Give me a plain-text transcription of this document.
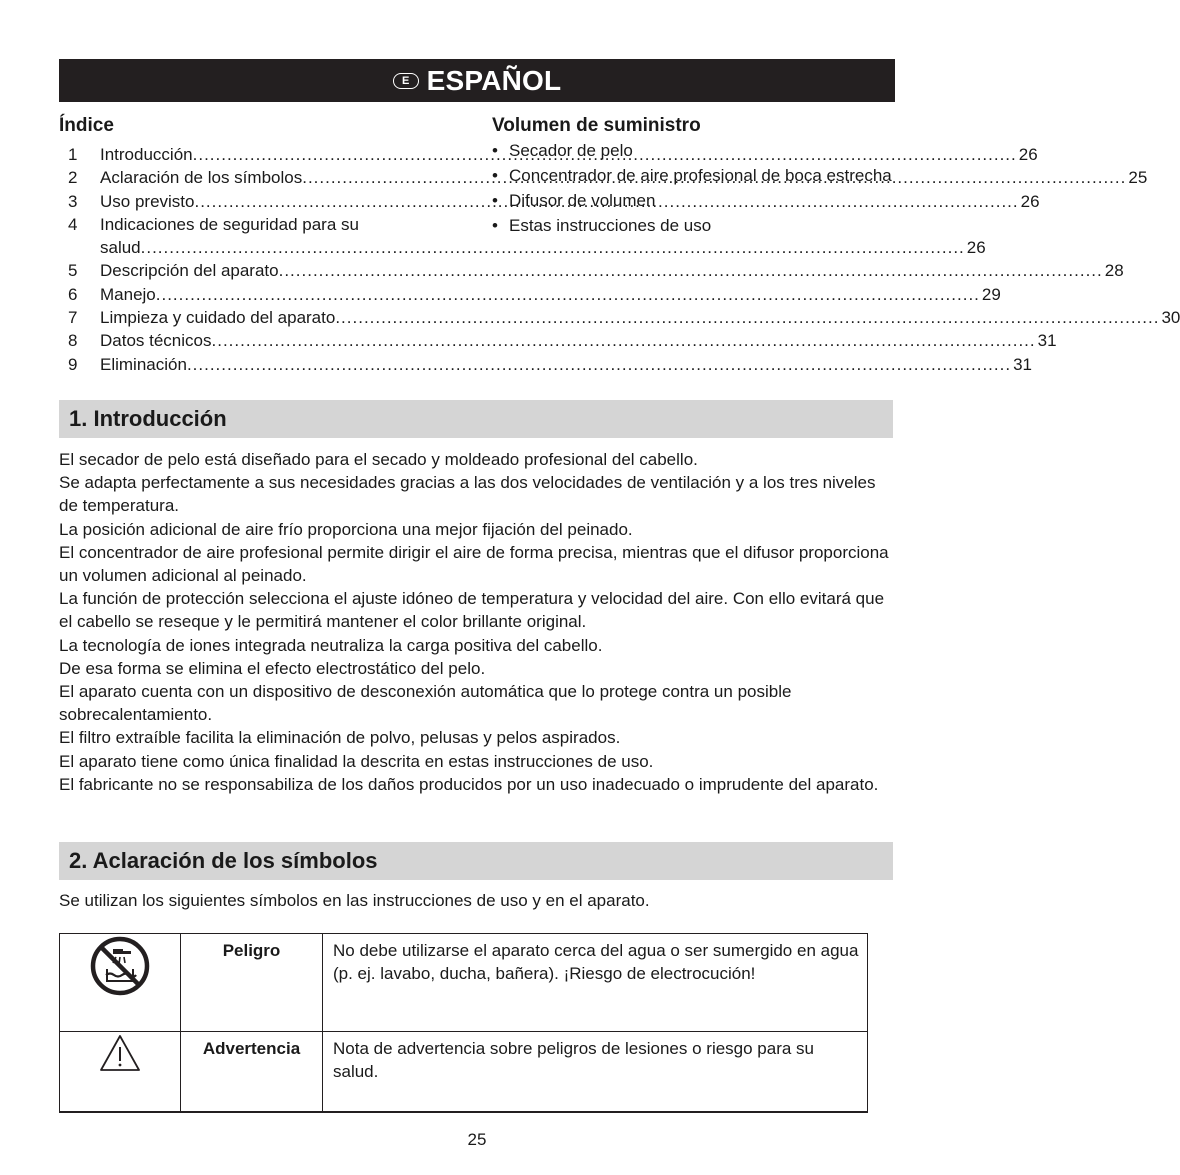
E ESPAÑOL
Índice
1	Introducción .....	26
2	Aclaración de los símbolos .....	25
3	Uso previsto .....	26
4	Indicaciones de seguridad para su
salud .....	26
5	Descripción del aparato .....	28
6	Manejo .....	29
7	Limpieza y cuidado del aparato .....	30
8	Datos técnicos .....	31
9	Eliminación .....	31
Volumen de suministro
• Secador de pelo
• Concentrador de aire profesional de boca estrecha
• Difusor de volumen
• Estas instrucciones de uso
1. Introducción

El secador de pelo está diseñado para el secado y moldeado profesional del cabello.

Se adapta perfectamente a sus necesidades gracias a las dos velocidades de ventilación y a los tres niveles de temperatura.

La posición adicional de aire frío proporciona una mejor fijación del peinado.

El concentrador de aire profesional permite dirigir el aire de forma precisa, mientras que el difusor proporciona un volumen adicional al peinado.

La función de protección selecciona el ajuste idóneo de temperatura y velocidad del aire. Con ello evitará que el cabello se reseque y le permitirá mantener el color brillante original.

La tecnología de iones integrada neutraliza la carga positiva del cabello.

De esa forma se elimina el efecto electrostático del pelo.

El aparato cuenta con un dispositivo de desconexión automática que lo protege contra un posible sobrecalentamiento.

El filtro extraíble facilita la eliminación de polvo, pelusas y pelos aspirados.

El aparato tiene como única finalidad la descrita en estas instrucciones de uso.

El fabricante no se responsabiliza de los daños producidos por un uso inadecuado o imprudente del aparato.

2. Aclaración de los símbolos

Se utilizan los siguientes símbolos en las instrucciones de uso y en el aparato.

	Peligro	No debe utilizarse el aparato cerca del agua o ser sumergido en agua (p. ej. lavabo, ducha, bañera). ¡Riesgo de electrocución!
	Advertencia	Nota de advertencia sobre peligros de lesiones o riesgo para su salud.
25
